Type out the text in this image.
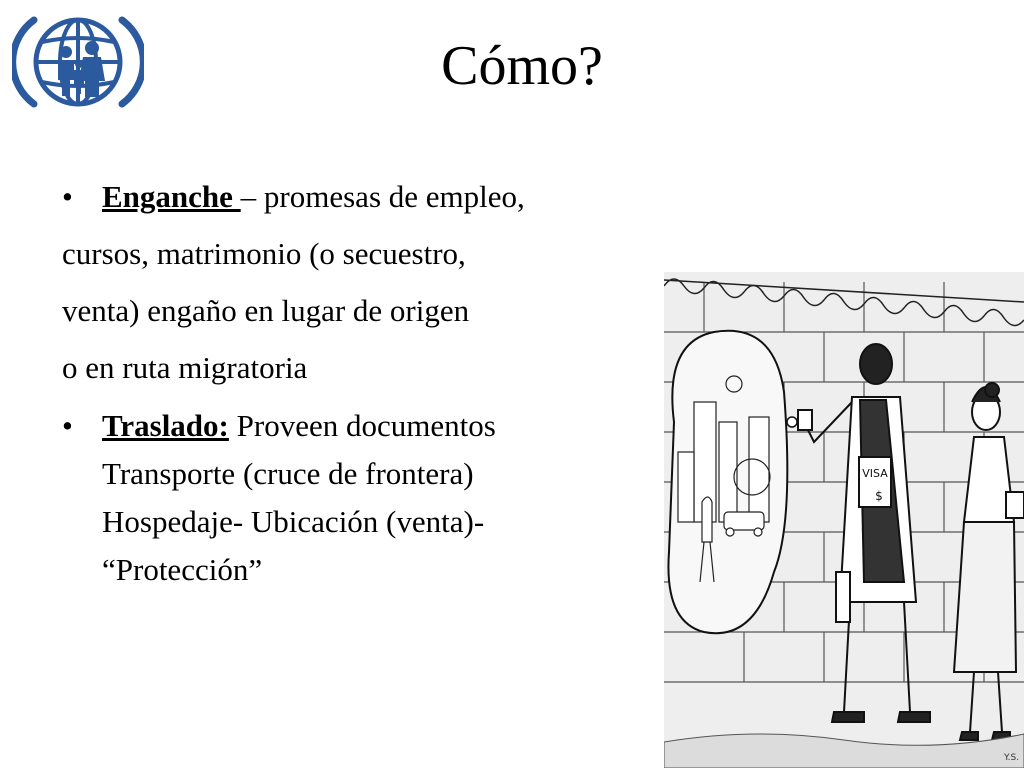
Cómo?
• Enganche – promesas de empleo,
cursos, matrimonio (o secuestro,
venta) engaño en lugar de origen
o en ruta migratoria
• Traslado: Proveen documentos
Transporte (cruce de frontera)
Hospedaje- Ubicación (venta)-
“Protección”
VISA
$
Y.S.
